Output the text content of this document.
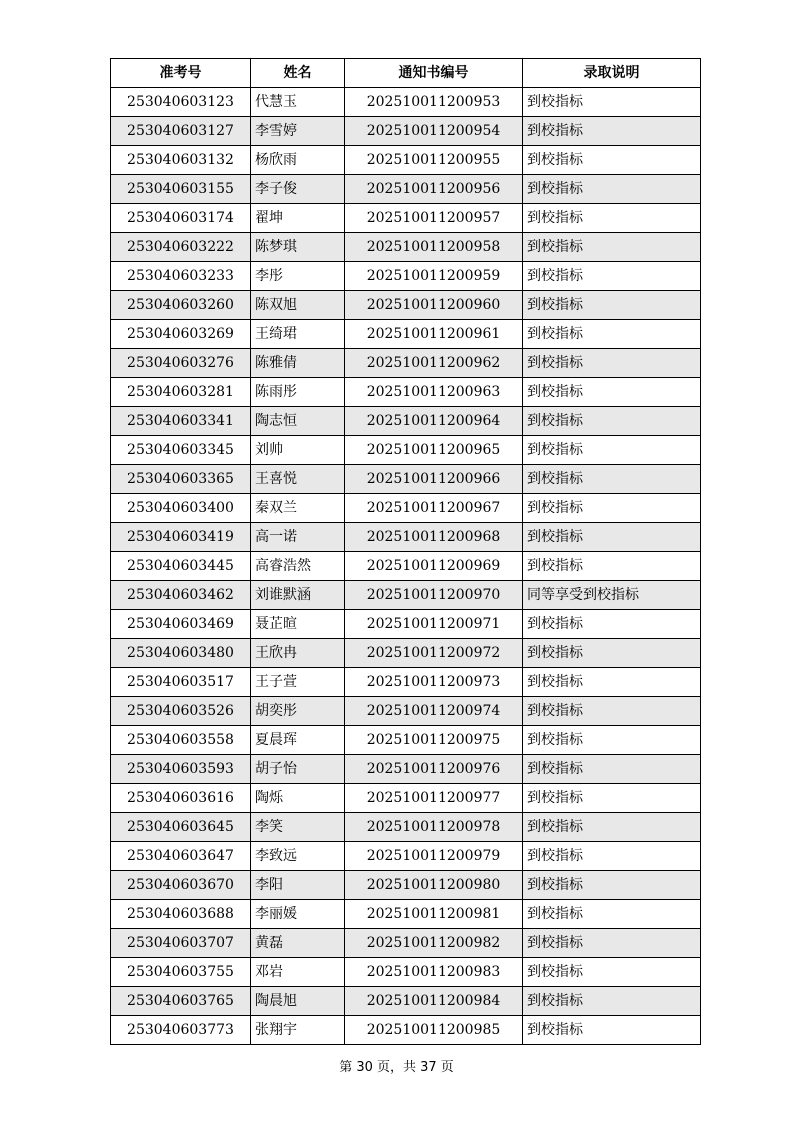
准考号	姓名	通知书编号	录取说明
253040603123	代慧玉	202510011200953	到校指标
253040603127	李雪婷	202510011200954	到校指标
253040603132	杨欣雨	202510011200955	到校指标
253040603155	李子俊	202510011200956	到校指标
253040603174	翟坤	202510011200957	到校指标
253040603222	陈梦琪	202510011200958	到校指标
253040603233	李彤	202510011200959	到校指标
253040603260	陈双旭	202510011200960	到校指标
253040603269	王绮珺	202510011200961	到校指标
253040603276	陈雅倩	202510011200962	到校指标
253040603281	陈雨彤	202510011200963	到校指标
253040603341	陶志恒	202510011200964	到校指标
253040603345	刘帅	202510011200965	到校指标
253040603365	王喜悦	202510011200966	到校指标
253040603400	秦双兰	202510011200967	到校指标
253040603419	高一诺	202510011200968	到校指标
253040603445	高睿浩然	202510011200969	到校指标
253040603462	刘谁默涵	202510011200970	同等享受到校指标
253040603469	聂芷暄	202510011200971	到校指标
253040603480	王欣冉	202510011200972	到校指标
253040603517	王子萱	202510011200973	到校指标
253040603526	胡奕彤	202510011200974	到校指标
253040603558	夏晨珲	202510011200975	到校指标
253040603593	胡子怡	202510011200976	到校指标
253040603616	陶烁	202510011200977	到校指标
253040603645	李笑	202510011200978	到校指标
253040603647	李致远	202510011200979	到校指标
253040603670	李阳	202510011200980	到校指标
253040603688	李丽媛	202510011200981	到校指标
253040603707	黄磊	202510011200982	到校指标
253040603755	邓岩	202510011200983	到校指标
253040603765	陶晨旭	202510011200984	到校指标
253040603773	张翔宇	202510011200985	到校指标
第 30 页，共 37 页
